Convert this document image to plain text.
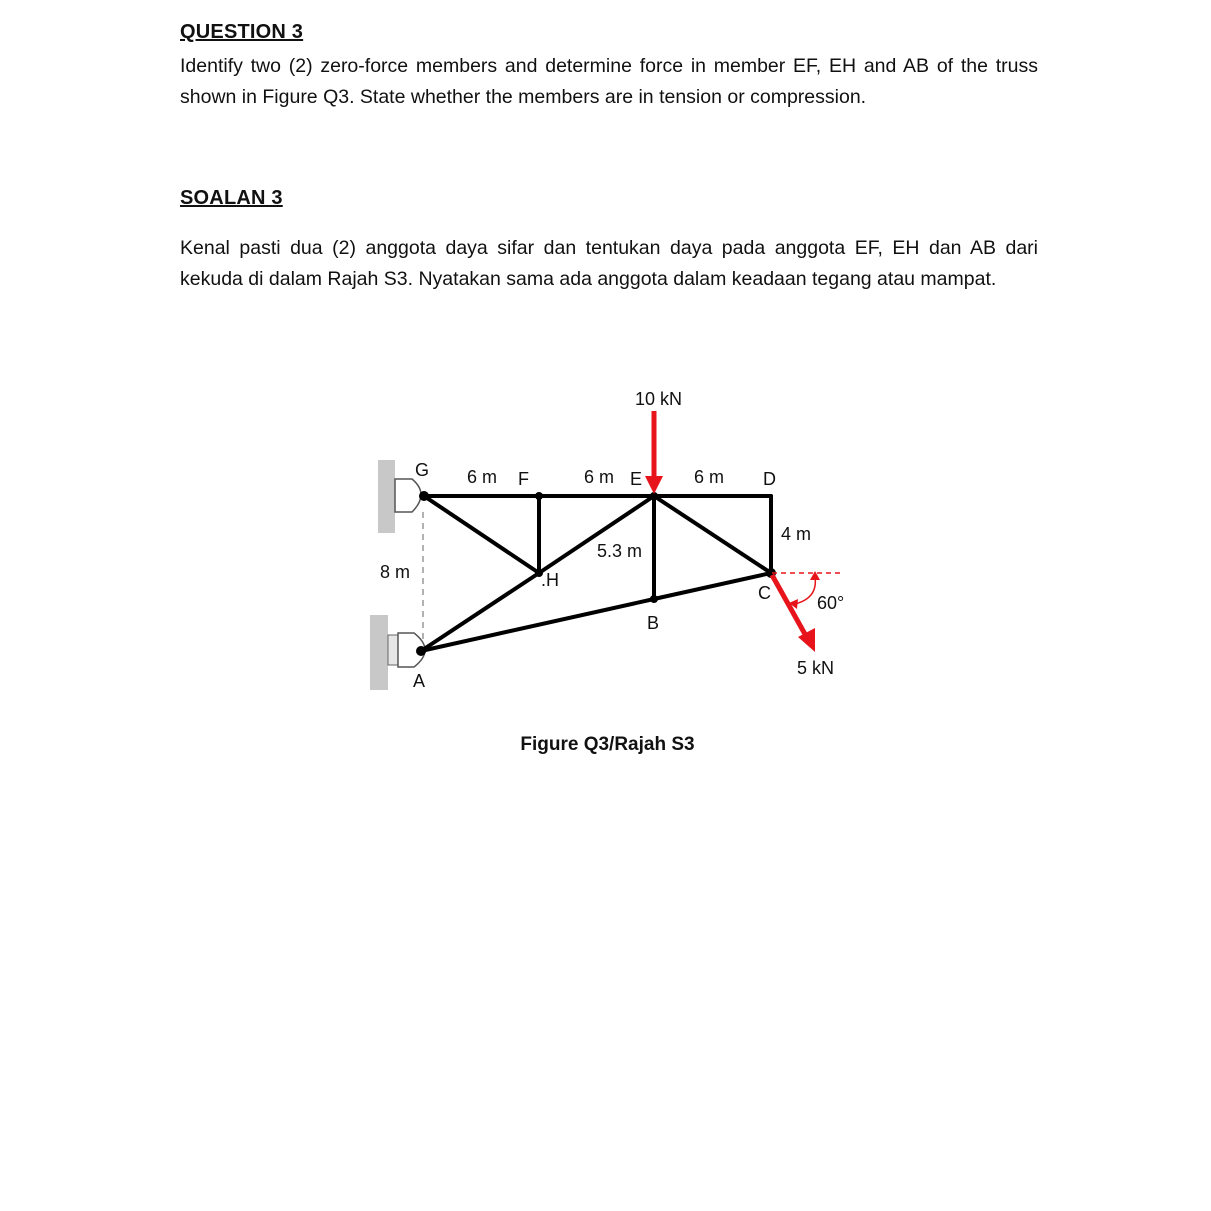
QUESTION 3
Identify two (2) zero-force members and determine force in member EF, EH and AB of the truss shown in Figure Q3. State whether the members are in tension or compression.
SOALAN 3
Kenal pasti dua (2) anggota daya sifar dan tentukan daya pada anggota EF, EH dan AB dari kekuda di dalam Rajah S3. Nyatakan sama ada anggota dalam keadaan tegang atau mampat.
G 6 m F	6 m E	6 m D
10 kN
4 m
5.3 m
8 m	.H
C	60°
B
5 kN
A
Figure Q3/Rajah S3
